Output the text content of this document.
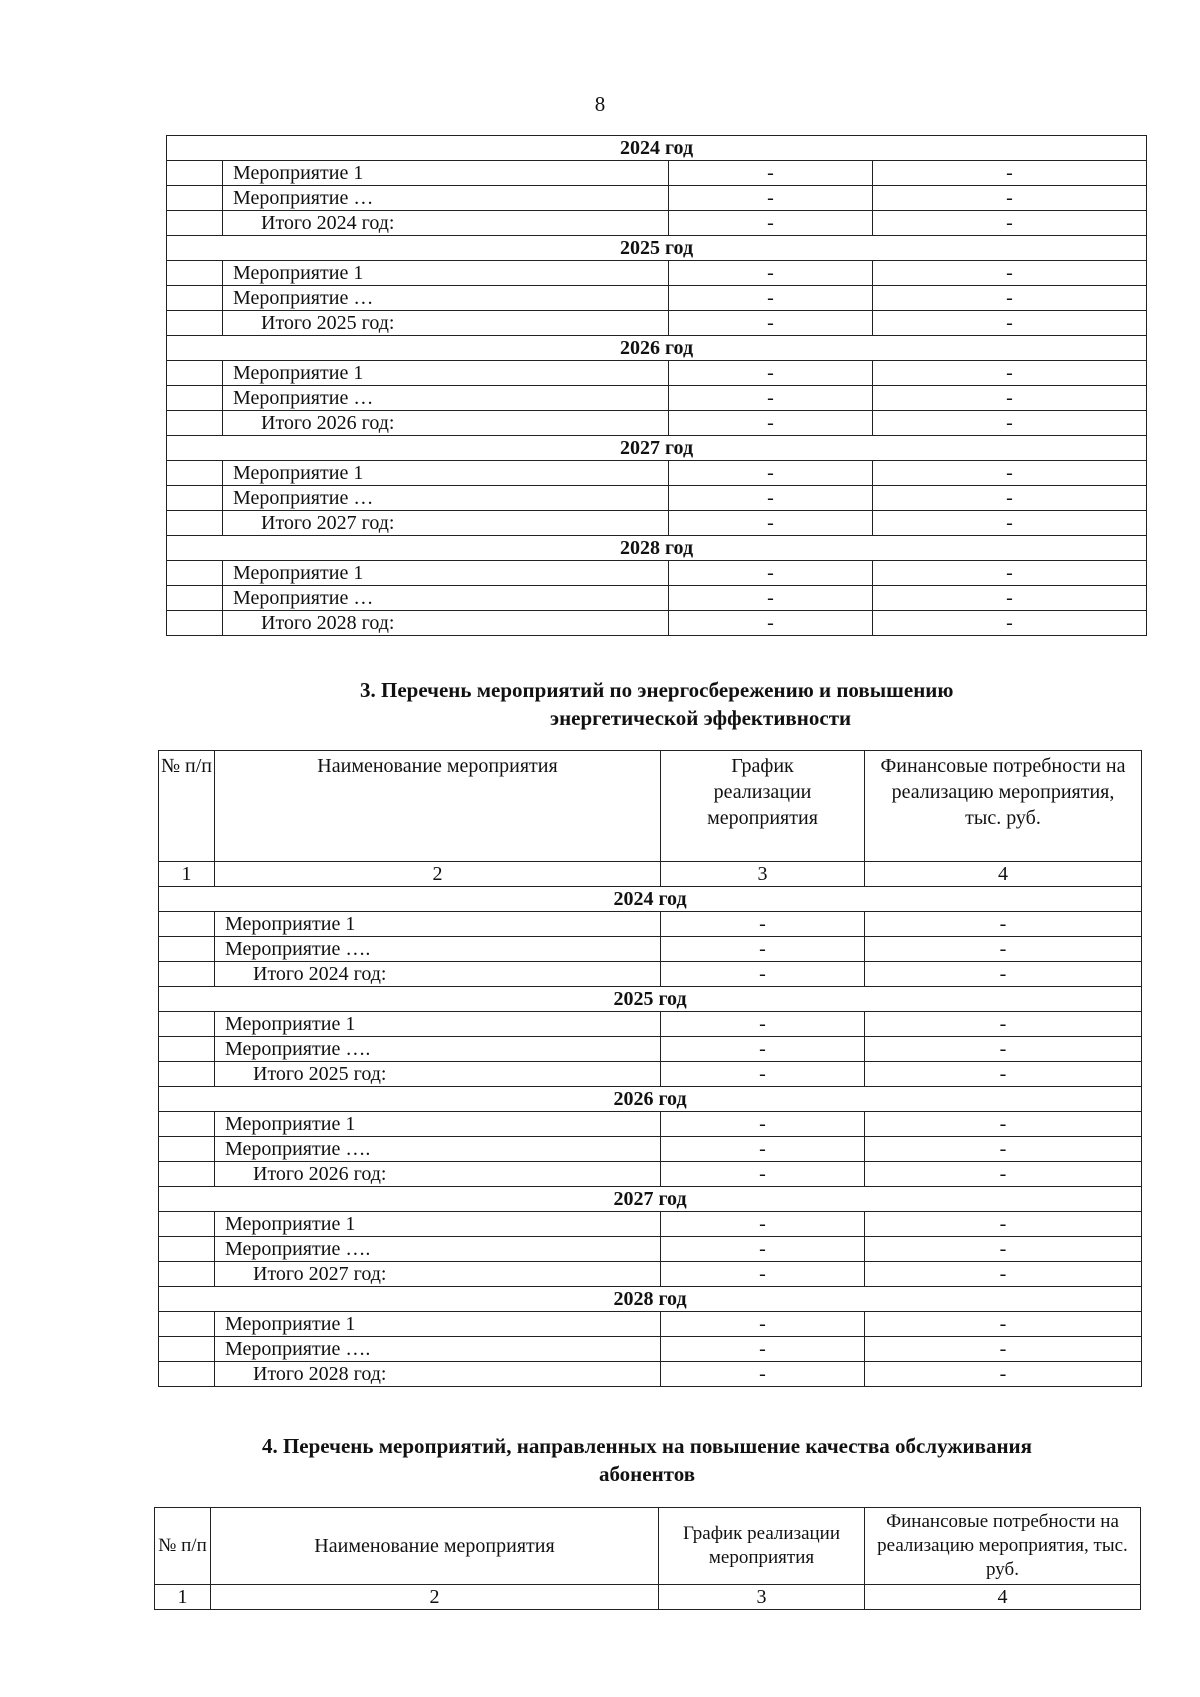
8
2024 год			
	Мероприятие 1	-	-
	Мероприятие …	-	-
	Итого 2024 год:	-	-
2025 год			
	Мероприятие 1	-	-
	Мероприятие …	-	-
	Итого 2025 год:	-	-
2026 год			
	Мероприятие 1	-	-
	Мероприятие …	-	-
	Итого 2026 год:	-	-
2027 год			
	Мероприятие 1	-	-
	Мероприятие …	-	-
	Итого 2027 год:	-	-
2028 год			
	Мероприятие 1	-	-
	Мероприятие …	-	-
	Итого 2028 год:	-	-
3. Перечень мероприятий по энергосбережению и повышению
энергетической эффективности
№ п/п	Наименование мероприятия	График реализации мероприятия	Финансовые потребности на реализацию мероприятия, тыс. руб.
1	2	3	4
2024 год			
	Мероприятие 1	-	-
	Мероприятие ….	-	-
	Итого 2024 год:	-	-
2025 год			
	Мероприятие 1	-	-
	Мероприятие ….	-	-
	Итого 2025 год:	-	-
2026 год			
	Мероприятие 1	-	-
	Мероприятие ….	-	-
	Итого 2026 год:	-	-
2027 год			
	Мероприятие 1	-	-
	Мероприятие ….	-	-
	Итого 2027 год:	-	-
2028 год			
	Мероприятие 1	-	-
	Мероприятие ….	-	-
	Итого 2028 год:	-	-
4. Перечень мероприятий, направленных на повышение качества обслуживания
абонентов
№ п/п	Наименование мероприятия	График реализации мероприятия	Финансовые потребности на реализацию мероприятия, тыс. руб.
1	2	3	4
